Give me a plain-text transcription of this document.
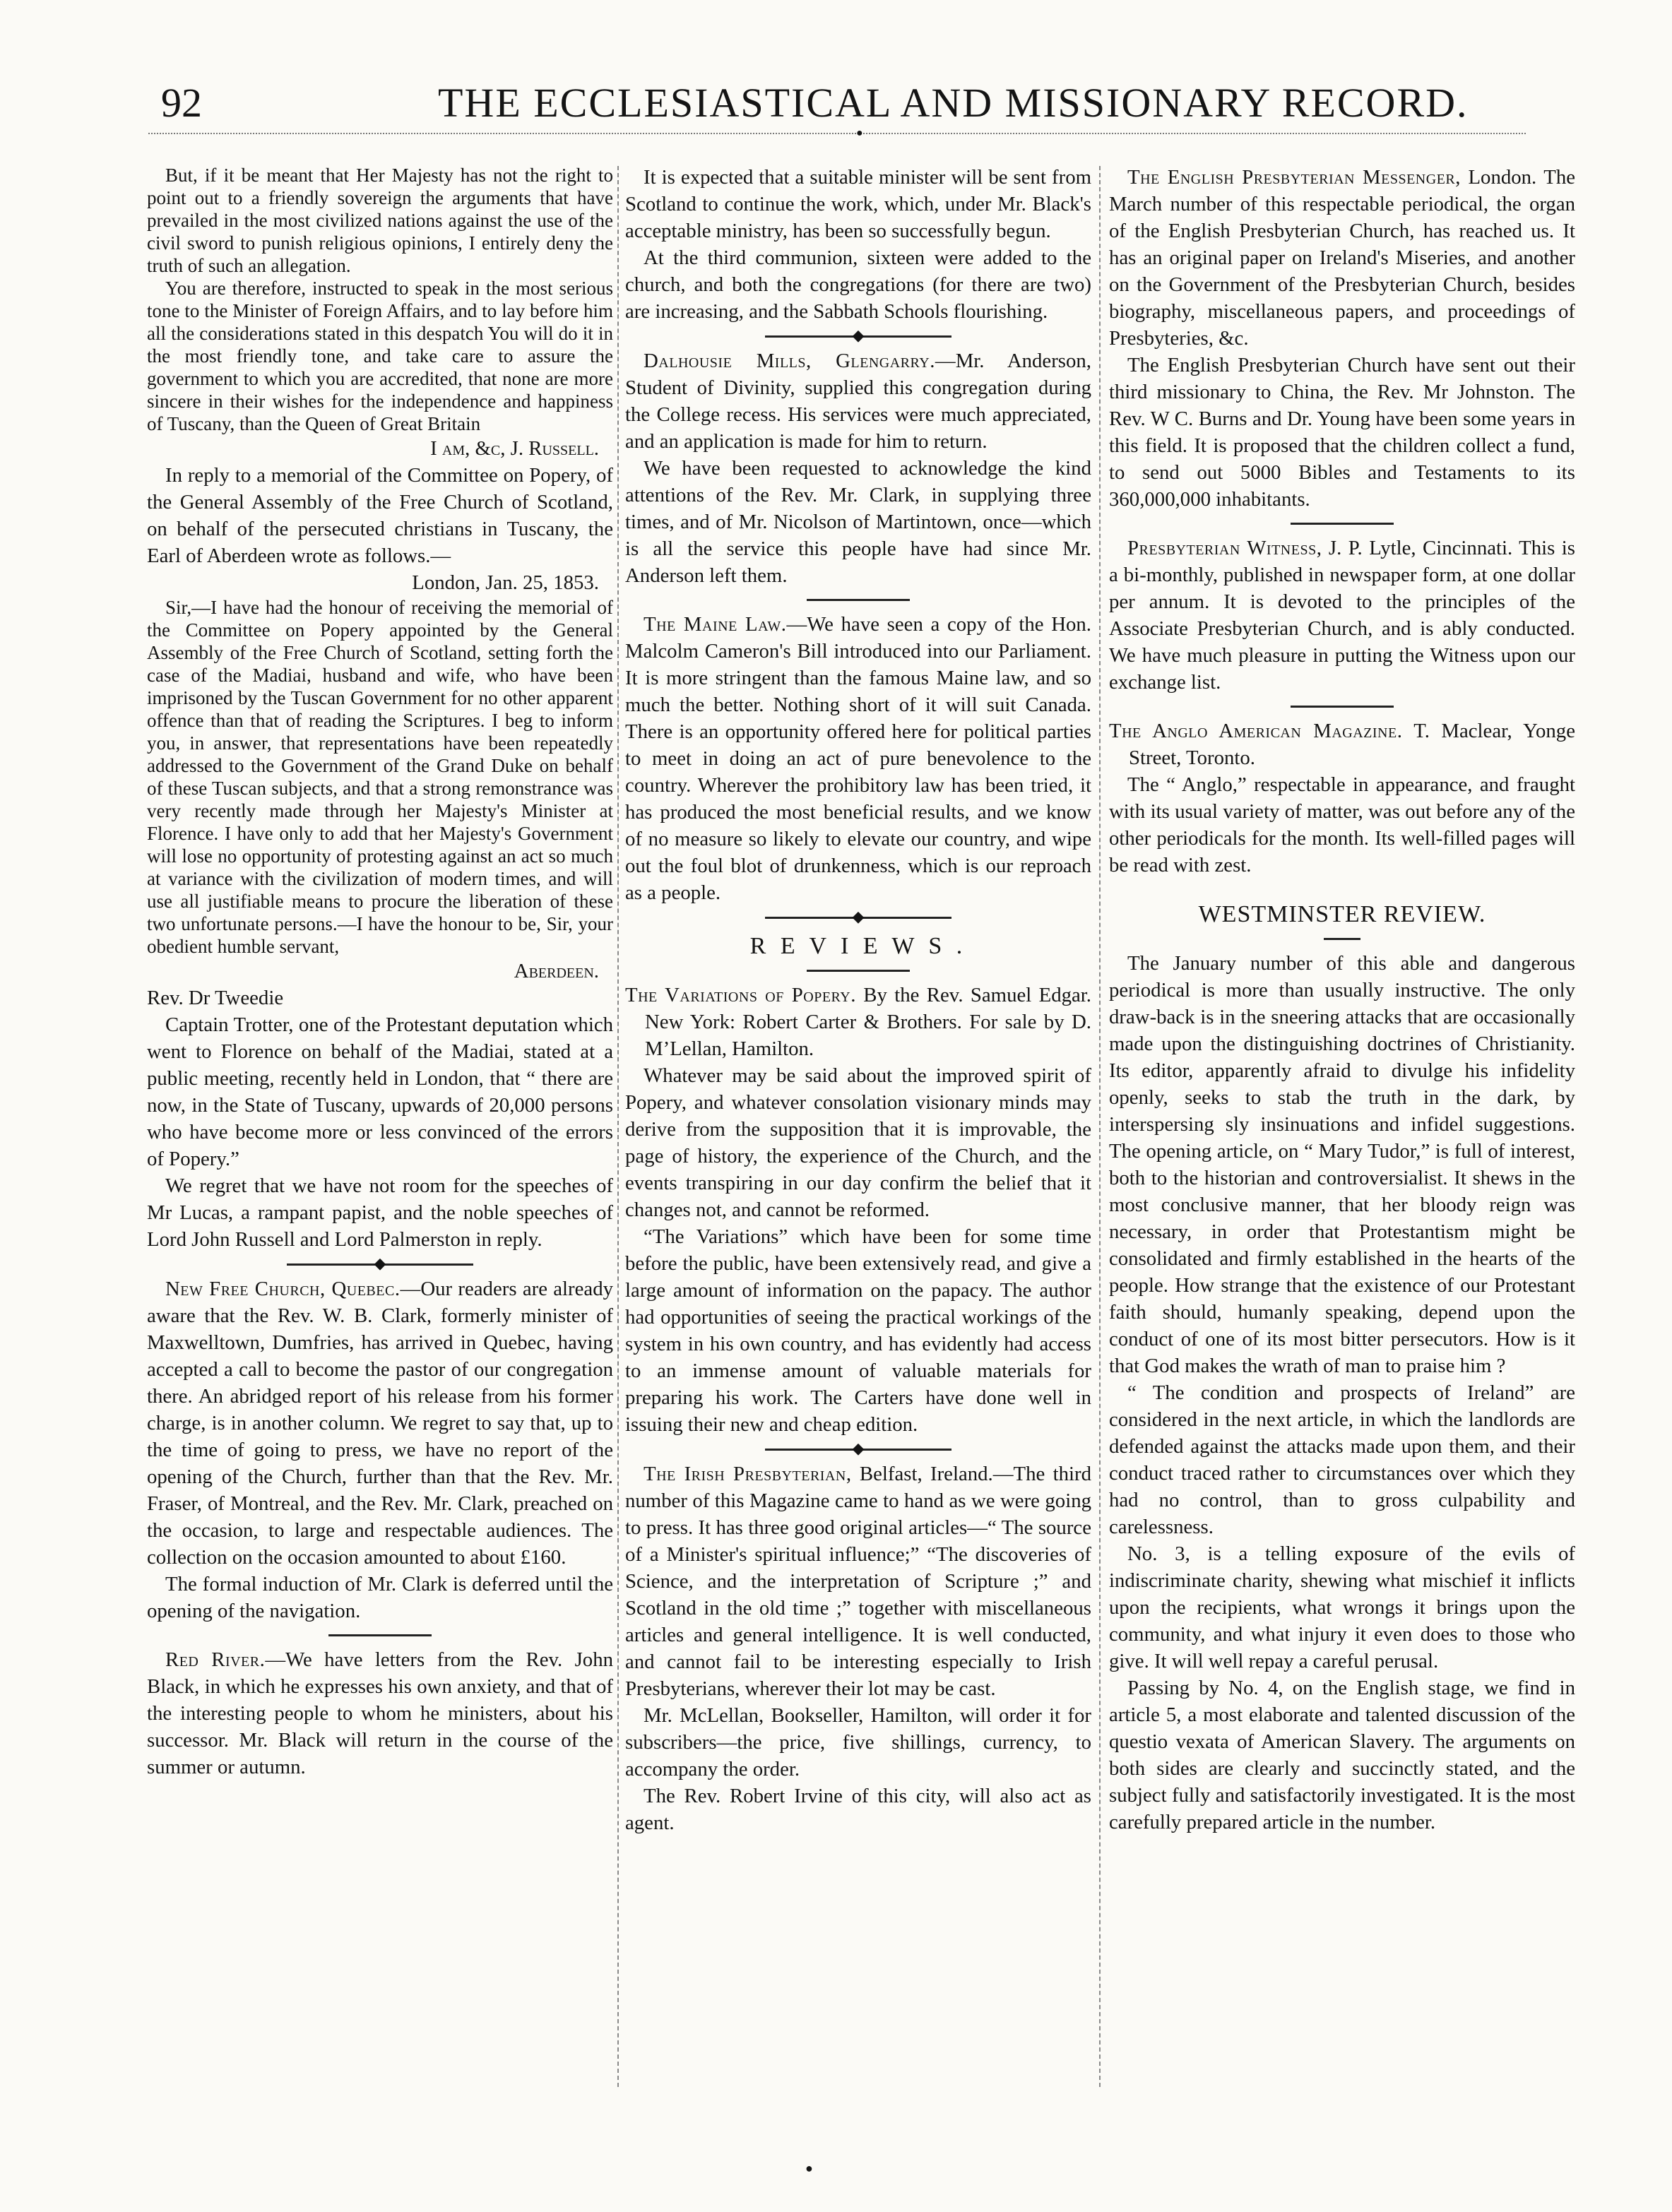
92	THE ECCLESIASTICAL AND MISSIONARY RECORD.
●

But, if it be meant that Her Majesty has not the right to point out to a friendly sovereign the arguments that have prevailed in the most civilized nations against the use of the civil sword to punish religious opinions, I entirely deny the truth of such an allegation.

You are therefore, instructed to speak in the most serious tone to the Minister of Foreign Affairs, and to lay before him all the considerations stated in this despatch You will do it in the most friendly tone, and take care to assure the government to which you are accredited, that none are more sincere in their wishes for the independence and happiness of Tuscany, than the Queen of Great Britain

I am, &c, J. Russell.

In reply to a memorial of the Committee on Popery, of the General Assembly of the Free Church of Scotland, on behalf of the persecuted christians in Tuscany, the Earl of Aberdeen wrote as follows.—

London, Jan. 25, 1853.

Sir,—I have had the honour of receiving the memorial of the Committee on Popery appointed by the General Assembly of the Free Church of Scotland, setting forth the case of the Madiai, husband and wife, who have been imprisoned by the Tuscan Government for no other apparent offence than that of reading the Scriptures. I beg to inform you, in answer, that representations have been repeatedly addressed to the Government of the Grand Duke on behalf of these Tuscan subjects, and that a strong remonstrance was very recently made through her Majesty's Minister at Florence. I have only to add that her Majesty's Government will lose no opportunity of protesting against an act so much at variance with the civilization of modern times, and will use all justifiable means to procure the liberation of these two unfortunate persons.—I have the honour to be, Sir, your obedient humble servant,

Aberdeen.

Rev. Dr Tweedie

Captain Trotter, one of the Protestant deputation which went to Florence on behalf of the Madiai, stated at a public meeting, recently held in London, that “ there are now, in the State of Tuscany, upwards of 20,000 persons who have become more or less convinced of the errors of Popery.”

We regret that we have not room for the speeches of Mr Lucas, a rampant papist, and the noble speeches of Lord John Russell and Lord Palmerston in reply.

◆

New Free Church, Quebec.—Our readers are already aware that the Rev. W. B. Clark, formerly minister of Maxwelltown, Dumfries, has arrived in Quebec, having accepted a call to become the pastor of our congregation there. An abridged report of his release from his former charge, is in another column. We regret to say that, up to the time of going to press, we have no report of the opening of the Church, further than that the Rev. Mr. Fraser, of Montreal, and the Rev. Mr. Clark, preached on the occasion, to large and respectable audiences. The collection on the occasion amounted to about £160.

The formal induction of Mr. Clark is deferred until the opening of the navigation.

Red River.—We have letters from the Rev. John Black, in which he expresses his own anxiety, and that of the interesting people to whom he ministers, about his successor. Mr. Black will return in the course of the summer or autumn.

It is expected that a suitable minister will be sent from Scotland to continue the work, which, under Mr. Black's acceptable ministry, has been so successfully begun.

At the third communion, sixteen were added to the church, and both the congregations (for there are two) are increasing, and the Sabbath Schools flourishing.

◆

Dalhousie Mills, Glengarry.—Mr. Anderson, Student of Divinity, supplied this congregation during the College recess. His services were much appreciated, and an application is made for him to return.

We have been requested to acknowledge the kind attentions of the Rev. Mr. Clark, in supplying three times, and of Mr. Nicolson of Martintown, once—which is all the service this people have had since Mr. Anderson left them.

The Maine Law.—We have seen a copy of the Hon. Malcolm Cameron's Bill introduced into our Parliament. It is more stringent than the famous Maine law, and so much the better. Nothing short of it will suit Canada. There is an opportunity offered here for political parties to meet in doing an act of pure benevolence to the country. Wherever the prohibitory law has been tried, it has produced the most beneficial results, and we know of no measure so likely to elevate our country, and wipe out the foul blot of drunkenness, which is our reproach as a people.

◆
R E V I E W S .

The Variations of Popery. By the Rev. Samuel Edgar. New York: Robert Carter & Brothers. For sale by D. M’Lellan, Hamilton.

Whatever may be said about the improved spirit of Popery, and whatever consolation visionary minds may derive from the supposition that it is improvable, the page of history, the experience of the Church, and the events transpiring in our day confirm the belief that it changes not, and cannot be reformed.

“The Variations” which have been for some time before the public, have been extensively read, and give a large amount of information on the papacy. The author had opportunities of seeing the practical workings of the system in his own country, and has evidently had access to an immense amount of valuable materials for preparing his work. The Carters have done well in issuing their new and cheap edition.

◆

The Irish Presbyterian, Belfast, Ireland.—The third number of this Magazine came to hand as we were going to press. It has three good original articles—“ The source of a Minister's spiritual influence;” “The discoveries of Science, and the interpretation of Scripture ;” and Scotland in the old time ;” together with miscellaneous articles and general intelligence. It is well conducted, and cannot fail to be interesting especially to Irish Presbyterians, wherever their lot may be cast.

Mr. McLellan, Bookseller, Hamilton, will order it for subscribers—the price, five shillings, currency, to accompany the order.

The Rev. Robert Irvine of this city, will also act as agent.

The English Presbyterian Messenger, London. The March number of this respectable periodical, the organ of the English Presbyterian Church, has reached us. It has an original paper on Ireland's Miseries, and another on the Government of the Presbyterian Church, besides biography, miscellaneous papers, and proceedings of Presbyteries, &c.

The English Presbyterian Church have sent out their third missionary to China, the Rev. Mr Johnston. The Rev. W C. Burns and Dr. Young have been some years in this field. It is proposed that the children collect a fund, to send out 5000 Bibles and Testaments to its 360,000,000 inhabitants.

Presbyterian Witness, J. P. Lytle, Cincinnati. This is a bi-monthly, published in newspaper form, at one dollar per annum. It is devoted to the principles of the Associate Presbyterian Church, and is ably conducted. We have much pleasure in putting the Witness upon our exchange list.

The Anglo American Magazine. T. Maclear, Yonge Street, Toronto.

The “ Anglo,” respectable in appearance, and fraught with its usual variety of matter, was out before any of the other periodicals for the month. Its well-filled pages will be read with zest.

WESTMINSTER REVIEW.

The January number of this able and dangerous periodical is more than usually instructive. The only draw-back is in the sneering attacks that are occasionally made upon the distinguishing doctrines of Christianity. Its editor, apparently afraid to divulge his infidelity openly, seeks to stab the truth in the dark, by interspersing sly insinuations and infidel suggestions. The opening article, on “ Mary Tudor,” is full of interest, both to the historian and controversialist. It shews in the most conclusive manner, that her bloody reign was necessary, in order that Protestantism might be consolidated and firmly established in the hearts of the people. How strange that the existence of our Protestant faith should, humanly speaking, depend upon the conduct of one of its most bitter persecutors. How is it that God makes the wrath of man to praise him ?

“ The condition and prospects of Ireland” are considered in the next article, in which the landlords are defended against the attacks made upon them, and their conduct traced rather to circumstances over which they had no control, than to gross culpability and carelessness.

No. 3, is a telling exposure of the evils of indiscriminate charity, shewing what mischief it inflicts upon the recipients, what wrongs it brings upon the community, and what injury it even does to those who give. It will well repay a careful perusal.

Passing by No. 4, on the English stage, we find in article 5, a most elaborate and talented discussion of the questio vexata of American Slavery. The arguments on both sides are clearly and succinctly stated, and the subject fully and satisfactorily investigated. It is the most carefully prepared article in the number.

●
